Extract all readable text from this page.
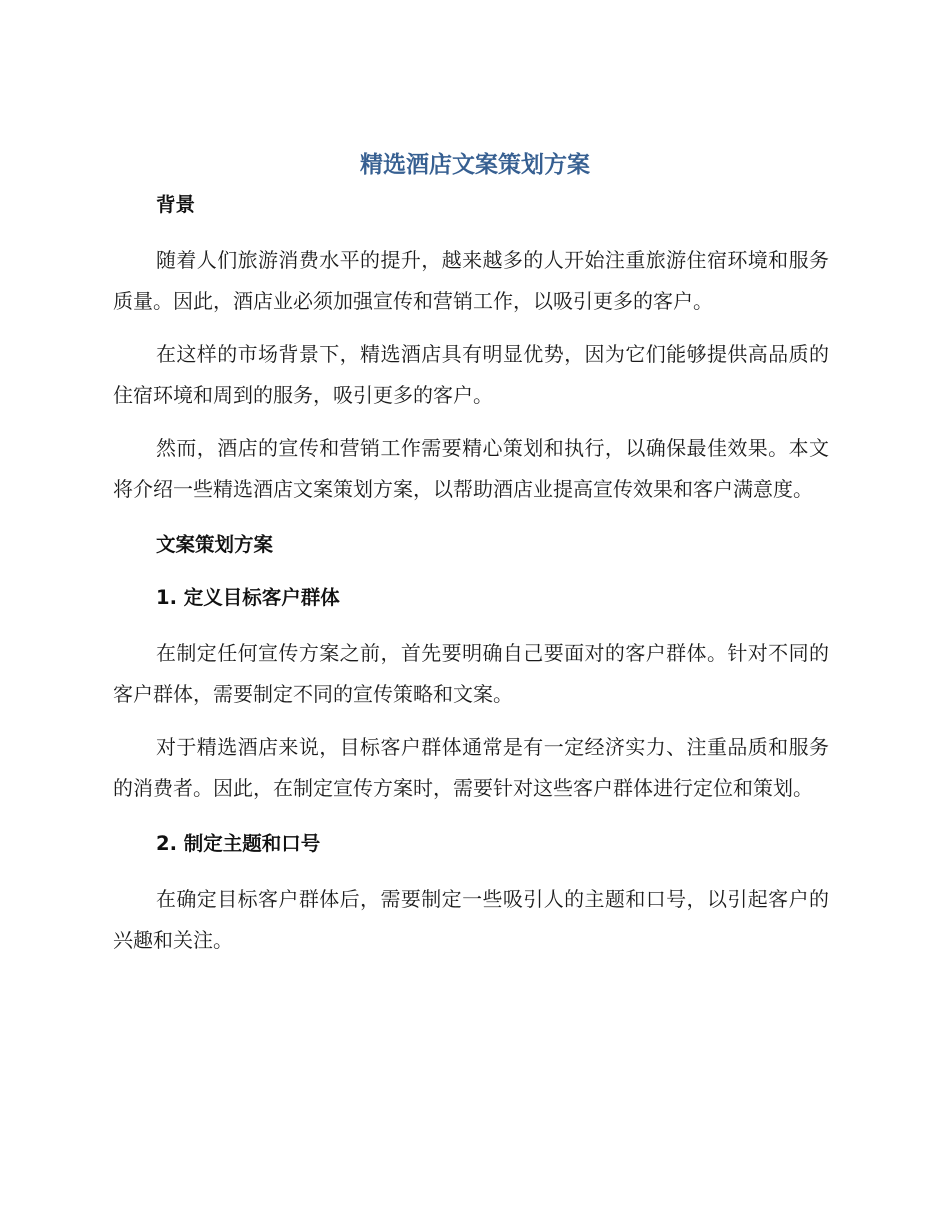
精选酒店文案策划方案

背景

随着人们旅游消费水平的提升，越来越多的人开始注重旅游住宿环境和服务质量。因此，酒店业必须加强宣传和营销工作，以吸引更多的客户。

在这样的市场背景下，精选酒店具有明显优势，因为它们能够提供高品质的住宿环境和周到的服务，吸引更多的客户。

然而，酒店的宣传和营销工作需要精心策划和执行，以确保最佳效果。本文将介绍一些精选酒店文案策划方案，以帮助酒店业提高宣传效果和客户满意度。

文案策划方案

1. 定义目标客户群体

在制定任何宣传方案之前，首先要明确自己要面对的客户群体。针对不同的客户群体，需要制定不同的宣传策略和文案。

对于精选酒店来说，目标客户群体通常是有一定经济实力、注重品质和服务的消费者。因此，在制定宣传方案时，需要针对这些客户群体进行定位和策划。

2. 制定主题和口号

在确定目标客户群体后，需要制定一些吸引人的主题和口号，以引起客户的兴趣和关注。
